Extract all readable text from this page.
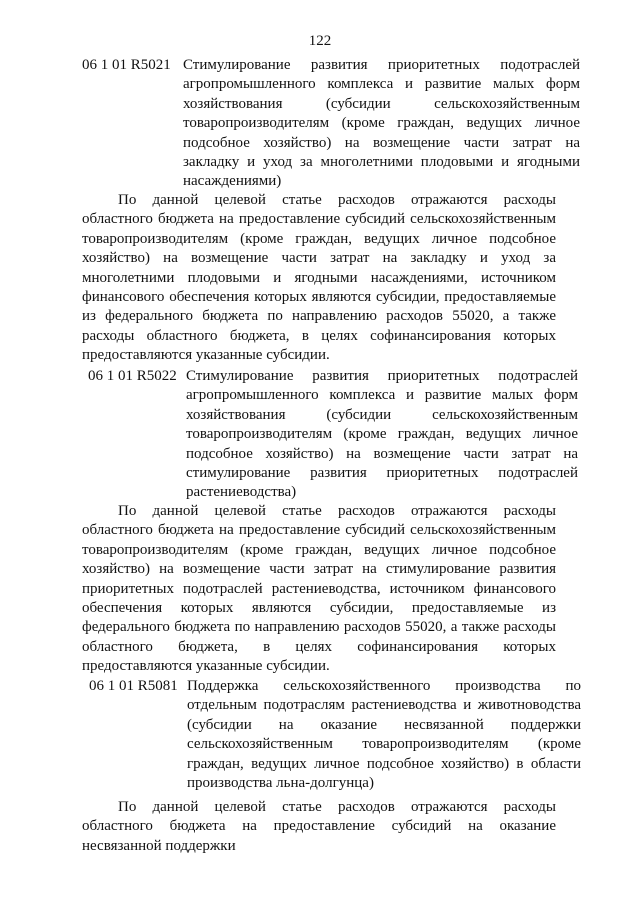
122
06 1 01 R5021 Стимулирование развития приоритетных подотраслей агропромышленного комплекса и развитие малых форм хозяйствования (субсидии сельскохозяйственным товаропроизводителям (кроме граждан, ведущих личное подсобное хозяйство) на возмещение части затрат на закладку и уход за многолетними плодовыми и ягодными насаждениями)

По данной целевой статье расходов отражаются расходы областного бюджета на предоставление субсидий сельскохозяйственным товаропроизводителям (кроме граждан, ведущих личное подсобное хозяйство) на возмещение части затрат на закладку и уход за многолетними плодовыми и ягодными насаждениями, источником финансового обеспечения которых являются субсидии, предоставляемые из федерального бюджета по направлению расходов 55020, а также расходы областного бюджета, в целях софинансирования которых предоставляются указанные субсидии.

06 1 01 R5022 Стимулирование развития приоритетных подотраслей агропромышленного комплекса и развитие малых форм хозяйствования (субсидии сельскохозяйственным товаропроизводителям (кроме граждан, ведущих личное подсобное хозяйство) на возмещение части затрат на стимулирование развития приоритетных подотраслей растениеводства)

По данной целевой статье расходов отражаются расходы областного бюджета на предоставление субсидий сельскохозяйственным товаропроизводителям (кроме граждан, ведущих личное подсобное хозяйство) на возмещение части затрат на стимулирование развития приоритетных подотраслей растениеводства, источником финансового обеспечения которых являются субсидии, предоставляемые из федерального бюджета по направлению расходов 55020, а также расходы областного бюджета, в целях софинансирования которых предоставляются указанные субсидии.

06 1 01 R5081 Поддержка сельскохозяйственного производства по отдельным подотраслям растениеводства и животноводства (субсидии на оказание несвязанной поддержки сельскохозяйственным товаропроизводителям (кроме граждан, ведущих личное подсобное хозяйство) в области производства льна-долгунца)

По данной целевой статье расходов отражаются расходы областного бюджета на предоставление субсидий на оказание несвязанной поддержки
